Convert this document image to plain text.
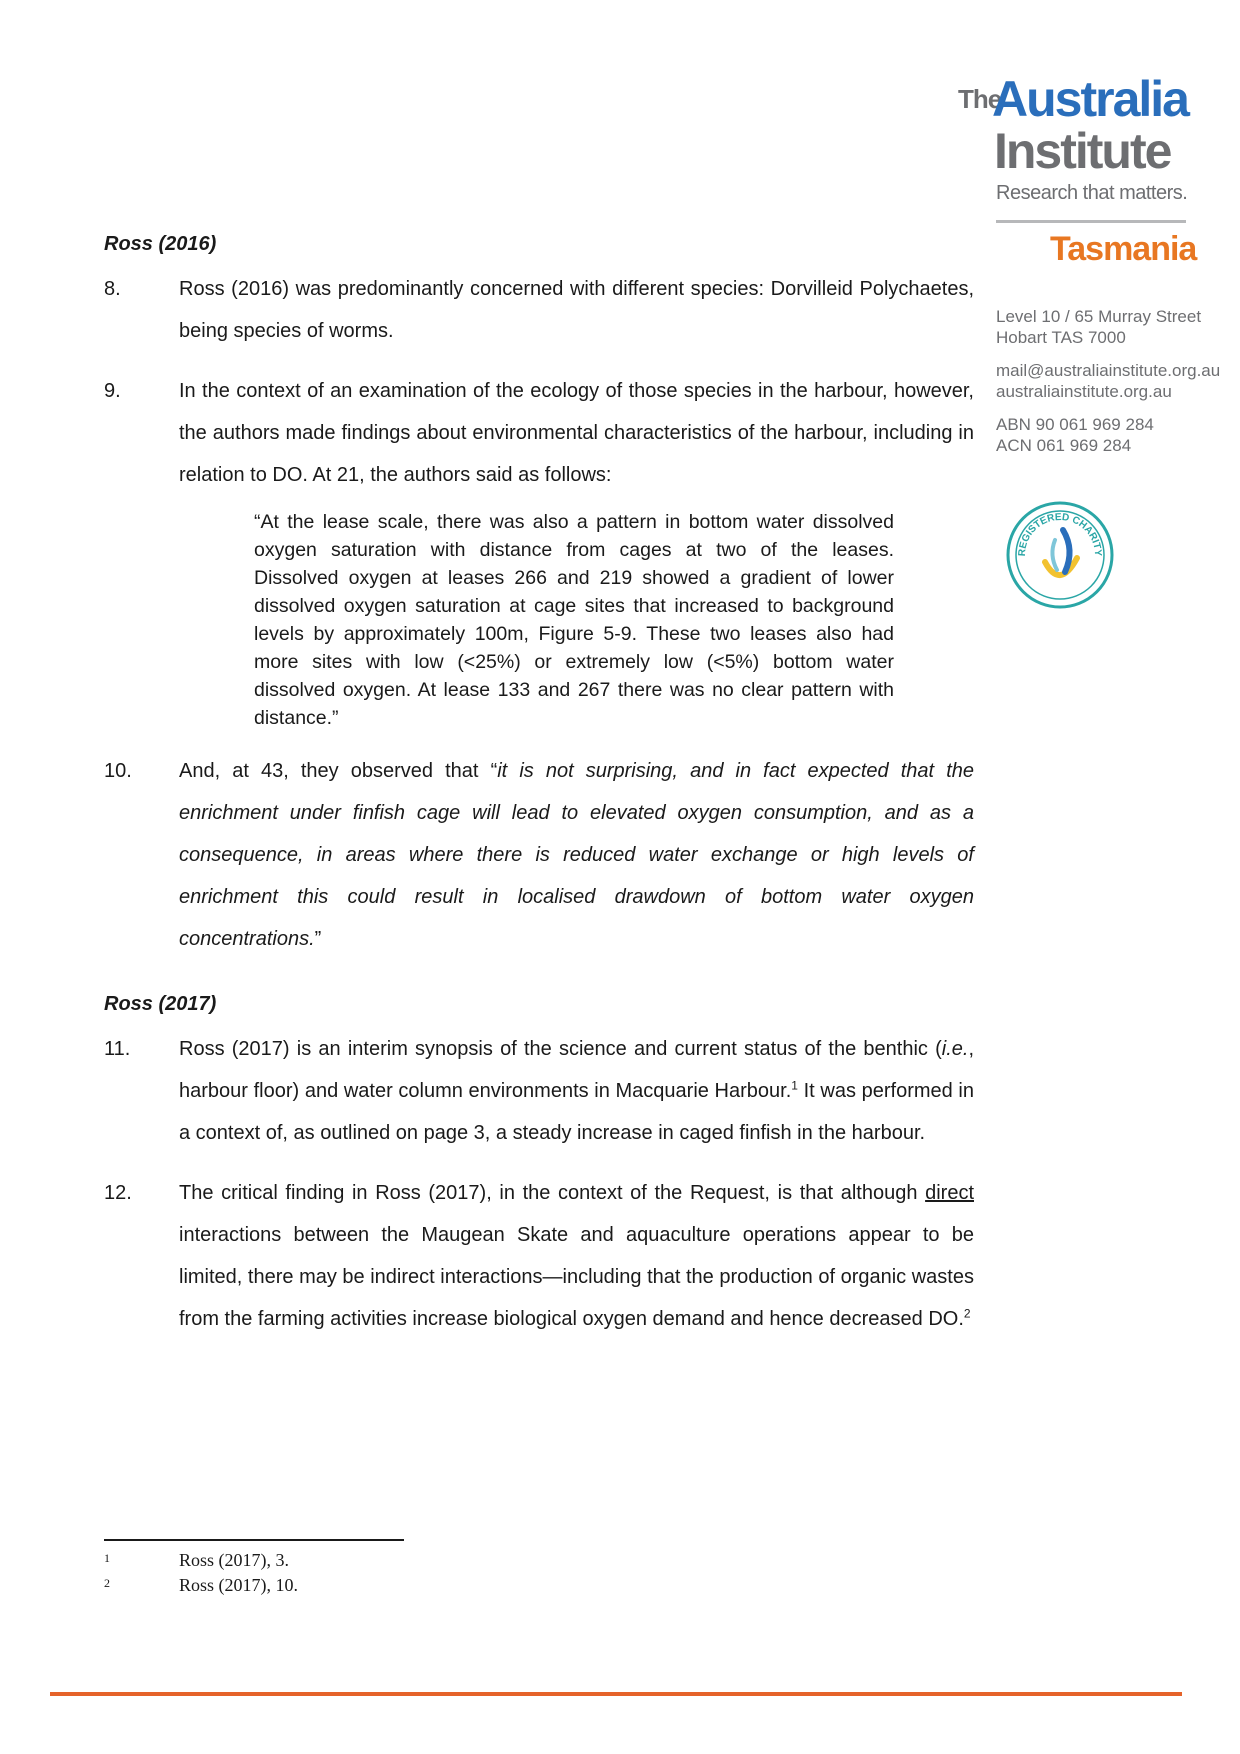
The
Australia
Institute
Research that matters.
Tasmania
Level 10 / 65 Murray Street
Hobart TAS 7000
mail@australiainstitute.org.au
australiainstitute.org.au
ABN 90 061 969 284
ACN 061 969 284
REGISTERED CHARITY
Ross (2016)
8.	Ross (2016) was predominantly concerned with different species: Dorvilleid Polychaetes, being species of worms.
9.	In the context of an examination of the ecology of those species in the harbour, however, the authors made findings about environmental characteristics of the harbour, including in relation to DO. At 21, the authors said as follows:
“At the lease scale, there was also a pattern in bottom water dissolved oxygen saturation with distance from cages at two of the leases. Dissolved oxygen at leases 266 and 219 showed a gradient of lower dissolved oxygen saturation at cage sites that increased to background levels by approximately 100m, Figure 5-9. These two leases also had more sites with low (<25%) or extremely low (<5%) bottom water dissolved oxygen. At lease 133 and 267 there was no clear pattern with distance.”
10.	And, at 43, they observed that “it is not surprising, and in fact expected that the enrichment under finfish cage will lead to elevated oxygen consumption, and as a consequence, in areas where there is reduced water exchange or high levels of enrichment this could result in localised drawdown of bottom water oxygen concentrations.”
Ross (2017)
11.	Ross (2017) is an interim synopsis of the science and current status of the benthic (i.e., harbour floor) and water column environments in Macquarie Harbour.$^1$ It was performed in a context of, as outlined on page 3, a steady increase in caged finfish in the harbour.
12.	The critical finding in Ross (2017), in the context of the Request, is that although direct interactions between the Maugean Skate and aquaculture operations appear to be limited, there may be indirect interactions—including that the production of organic wastes from the farming activities increase biological oxygen demand and hence decreased DO.$^2$
1	Ross (2017), 3.
2	Ross (2017), 10.
